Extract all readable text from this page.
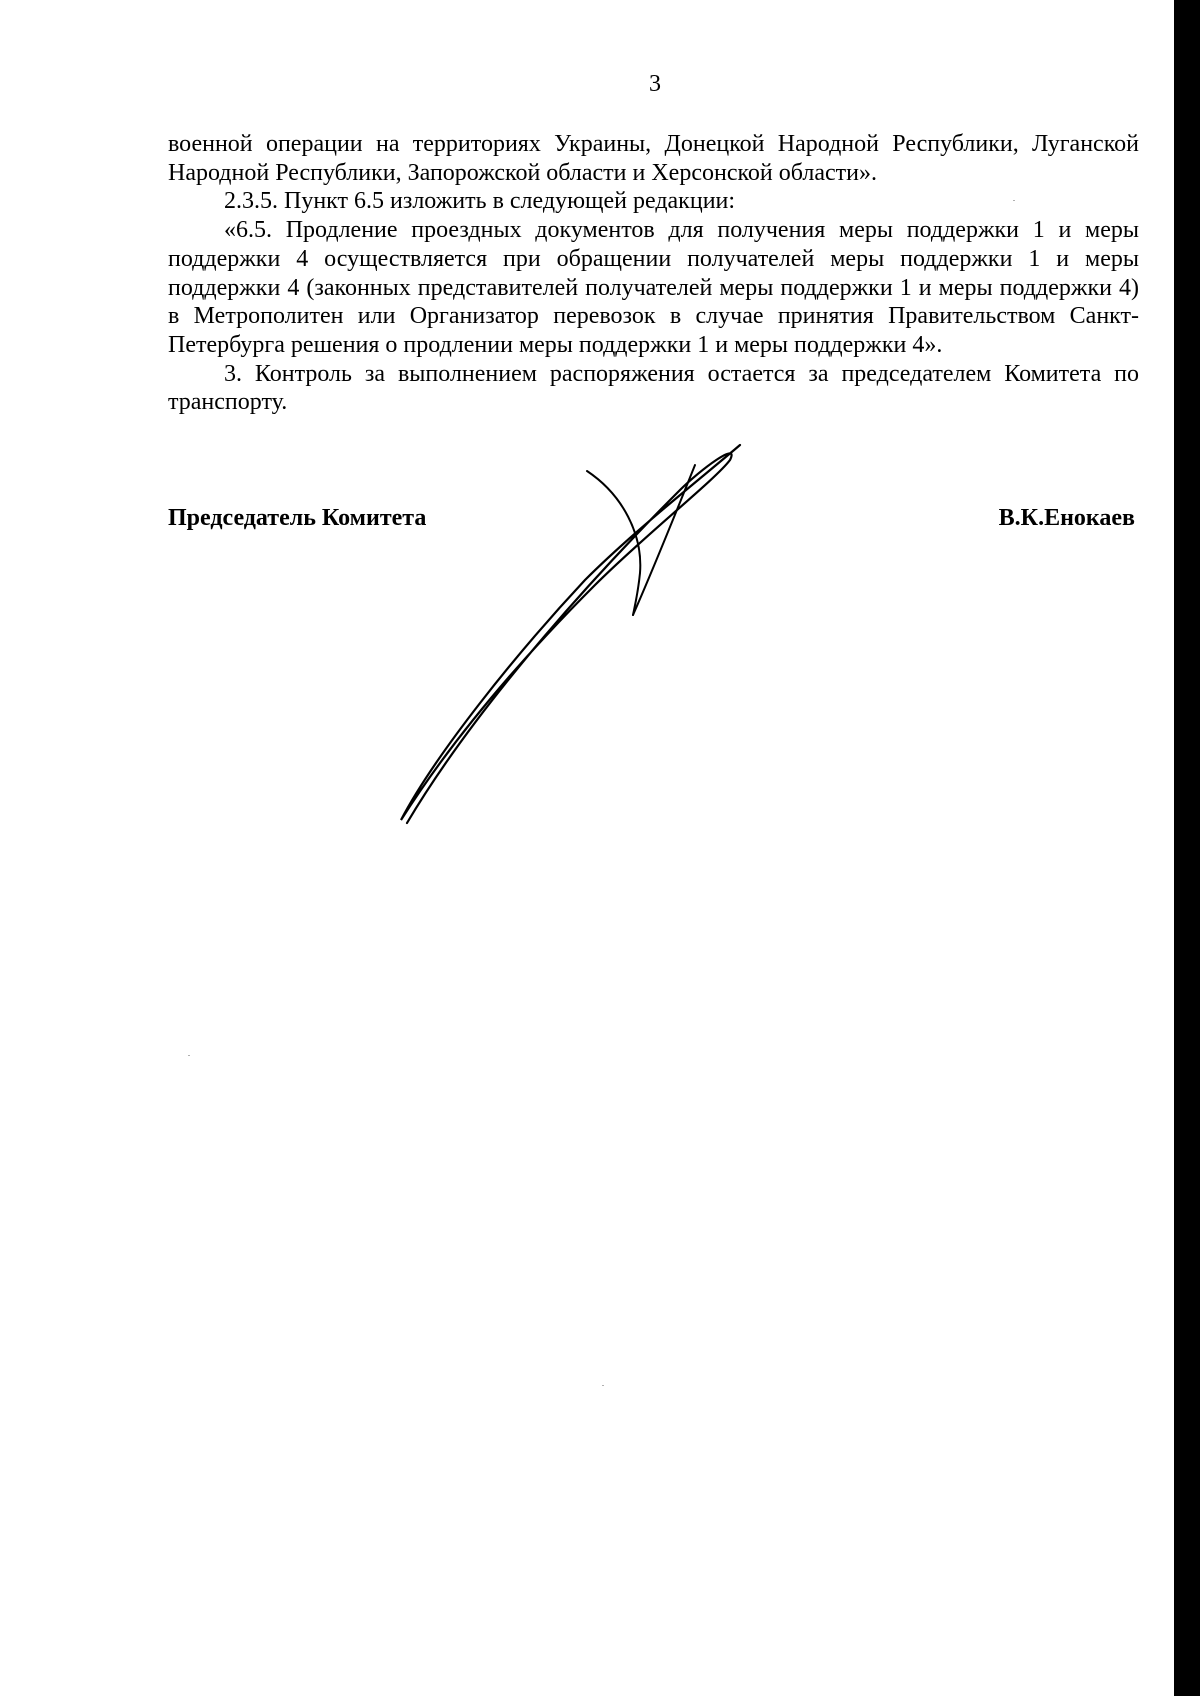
3

военной операции на территориях Украины, Донецкой Народной Республики, Луганской Народной Республики, Запорожской области и Херсонской области».

2.3.5. Пункт 6.5 изложить в следующей редакции:

«6.5. Продление проездных документов для получения меры поддержки 1 и меры поддержки 4 осуществляется при обращении получателей меры поддержки 1 и меры поддержки 4 (законных представителей получателей меры поддержки 1 и меры поддержки 4) в Метрополитен или Организатор перевозок в случае принятия Правительством Санкт-Петербурга решения о продлении меры поддержки 1 и меры поддержки 4».

3. Контроль за выполнением распоряжения остается за председателем Комитета по транспорту.

Председатель Комитета	В.К.Енокаев
